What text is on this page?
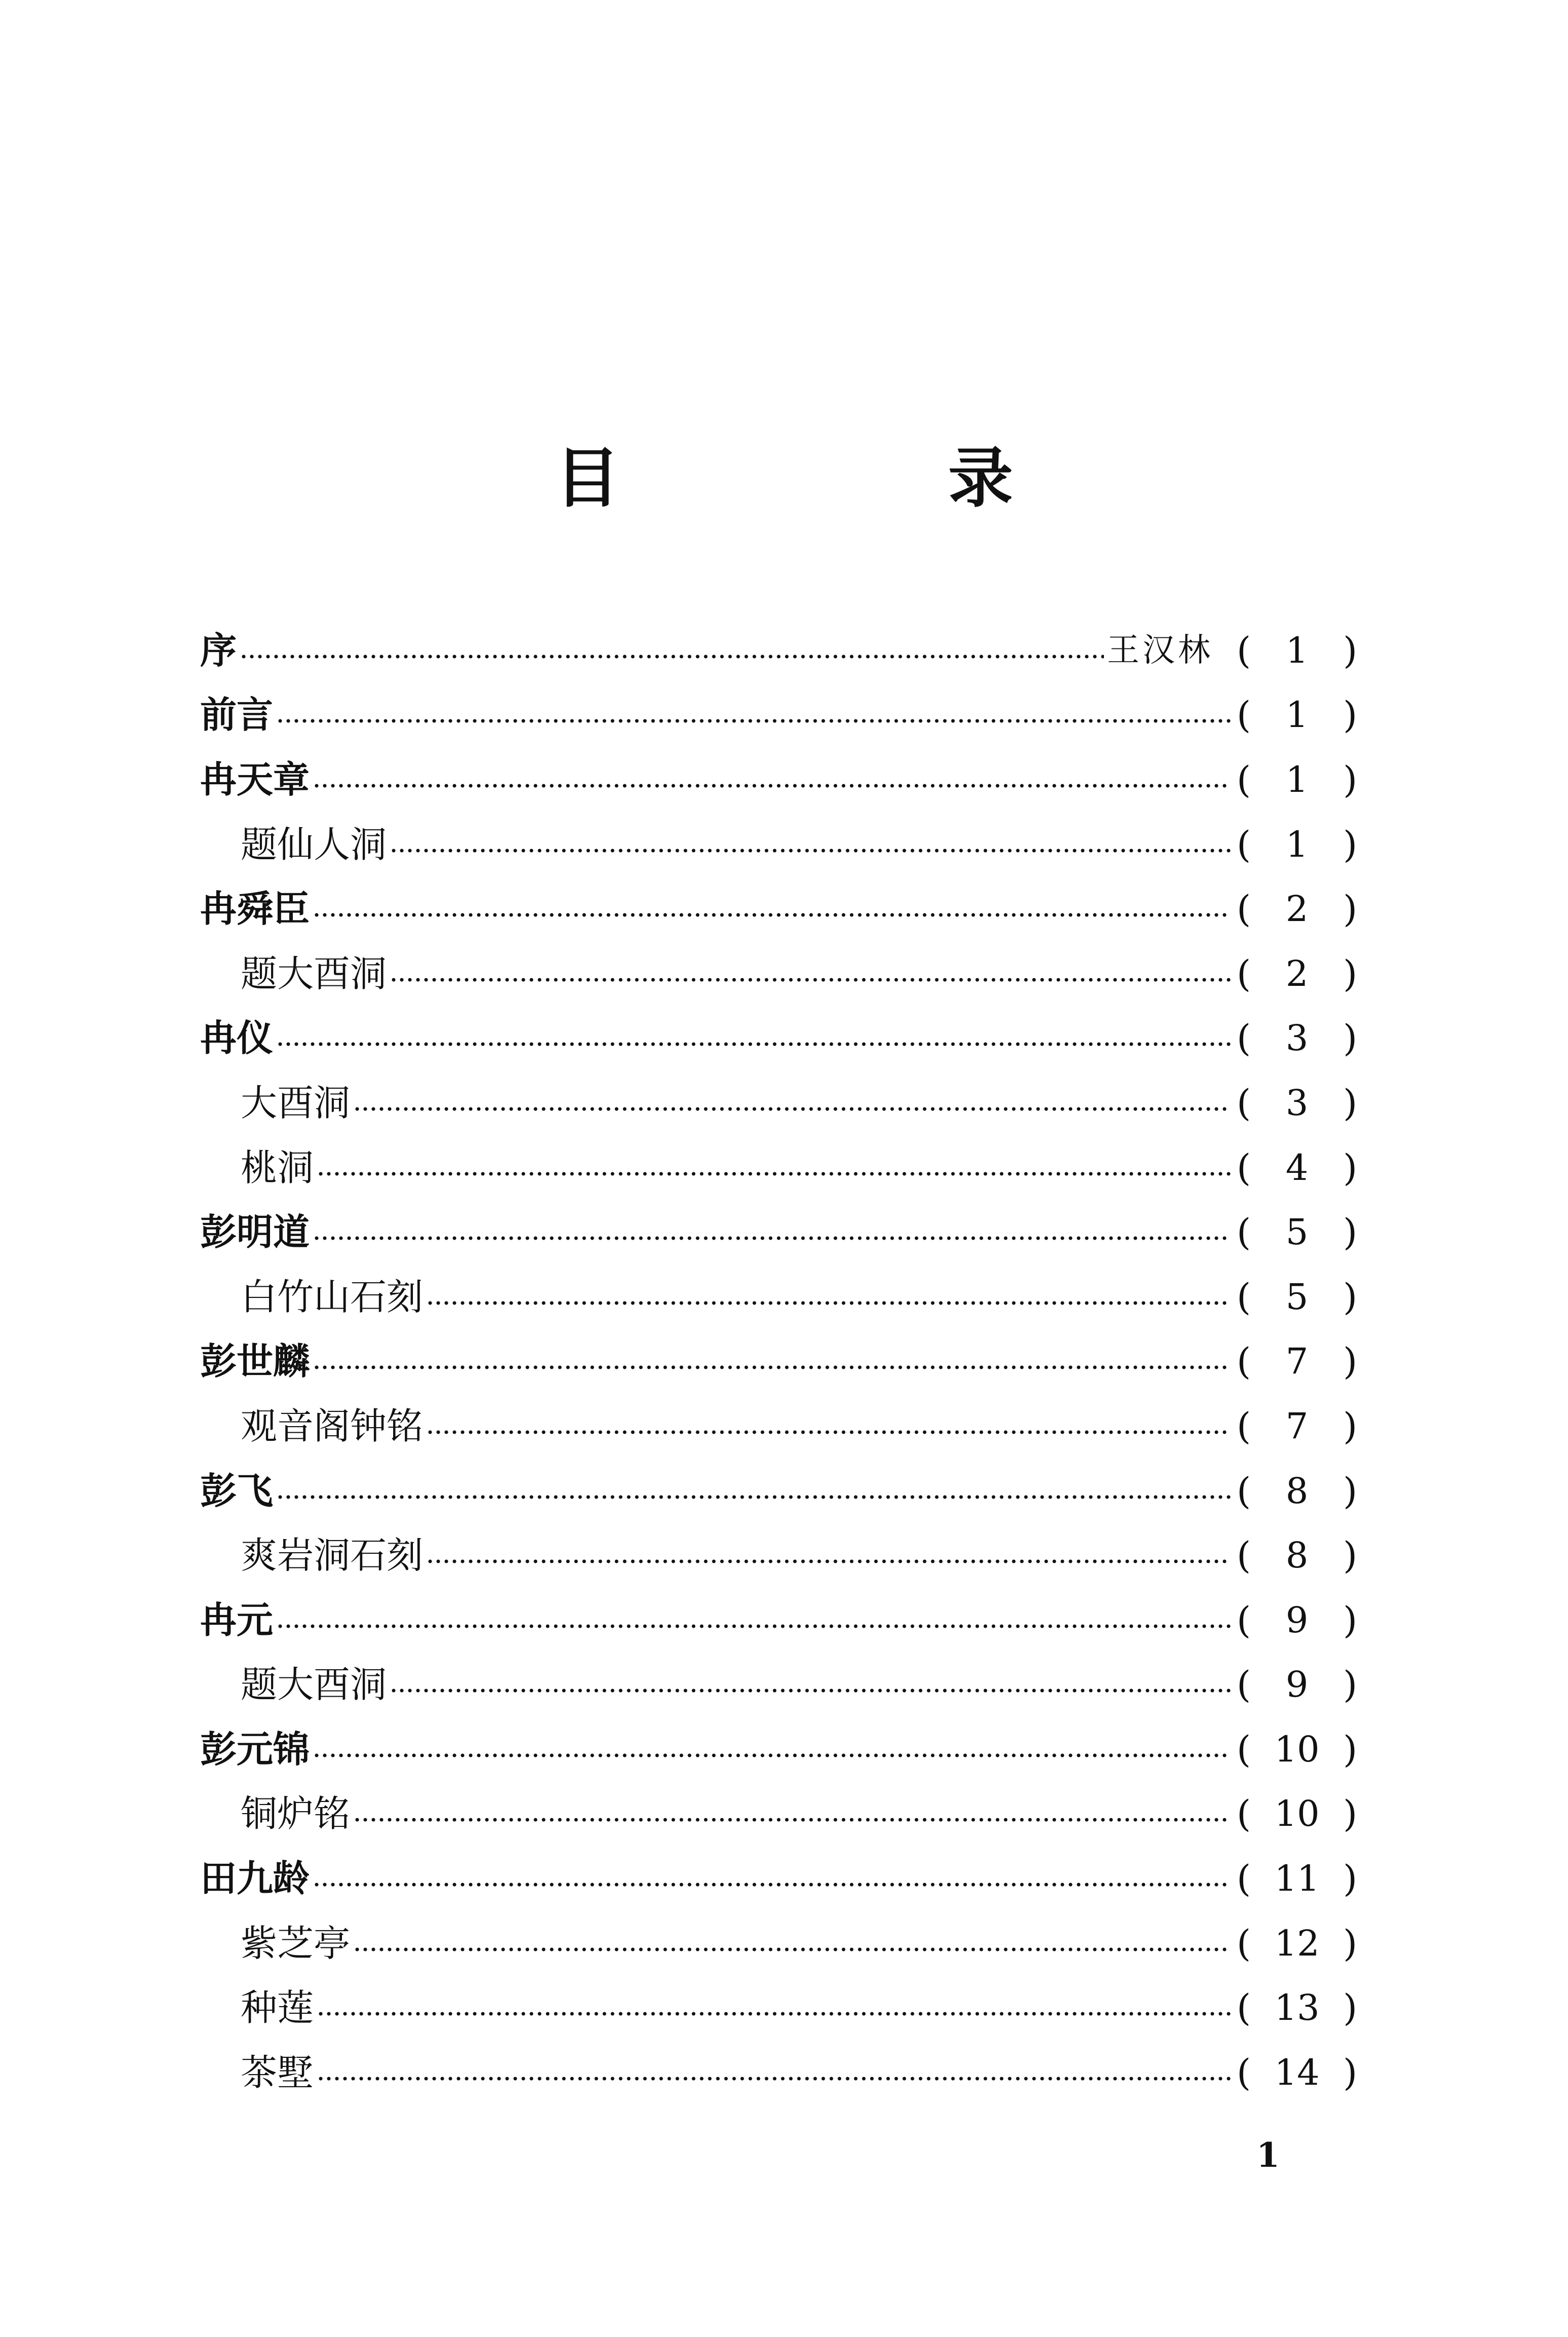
目　录
序	王汉林 ( 1 )
前言	( 1 )
冉天章	( 1 )
题仙人洞	( 1 )
冉舜臣	( 2 )
题大酉洞	( 2 )
冉仪	( 3 )
大酉洞	( 3 )
桃洞	( 4 )
彭明道	( 5 )
白竹山石刻	( 5 )
彭世麟	( 7 )
观音阁钟铭	( 7 )
彭飞	( 8 )
爽岩洞石刻	( 8 )
冉元	( 9 )
题大酉洞	( 9 )
彭元锦	( 10 )
铜炉铭	( 10 )
田九龄	( 11 )
紫芝亭	( 12 )
种莲	( 13 )
茶墅	( 14 )
1
